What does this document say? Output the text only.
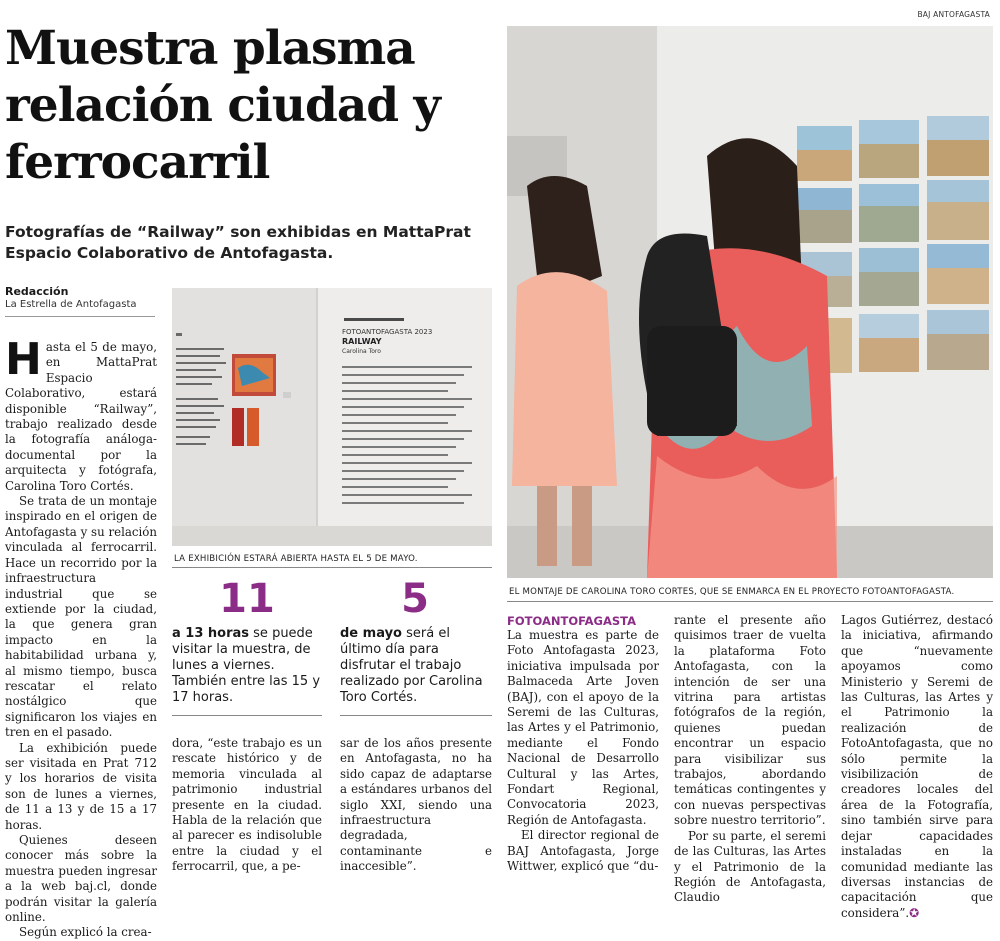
BAJ ANTOFAGASTA
Muestra plasma
relación ciudad y
ferrocarril
Fotografías de “Railway” son exhibidas en MattaPrat
Espacio Colaborativo de Antofagasta.
Redacción
La Estrella de Antofagasta

Hasta el 5 de mayo, en MattaPrat Espacio Colaborativo, estará disponible “Railway”, trabajo realizado desde la fotografía análoga-documental por la arquitecta y fotógrafa, Carolina Toro Cortés.

Se trata de un montaje inspirado en el origen de Antofagasta y su relación vinculada al ferrocarril. Hace un recorrido por la infraestructura industrial que se extiende por la ciudad, la que genera gran impacto en la habitabilidad urbana y, al mismo tiempo, busca rescatar el relato nostálgico que significaron los viajes en tren en el pasado.

La exhibición puede ser visitada en Prat 712 y los horarios de visita son de lunes a viernes, de 11 a 13 y de 15 a 17 horas.

Quienes deseen conocer más sobre la muestra pueden ingresar a la web baj.cl, donde podrán visitar la galería online.

Según explicó la crea-

FOTOANTOFAGASTA 2023
RAILWAY
Carolina Toro
LA EXHIBICIÓN ESTARÁ ABIERTA HASTA EL 5 DE MAYO.
11
a 13 horas se puede visitar la muestra, de lunes a viernes. También entre las 15 y 17 horas.
5
de mayo será el último día para disfrutar el trabajo realizado por Carolina Toro Cortés.

dora, “este trabajo es un rescate histórico y de memoria vinculada al patrimonio industrial presente en la ciudad. Habla de la relación que al parecer es indisoluble entre la ciudad y el ferrocarril, que, a pe-

sar de los años presente en Antofagasta, no ha sido capaz de adaptarse a estándares urbanos del siglo XXI, siendo una infraestructura degradada, contaminante e inaccesible”.

EL MONTAJE DE CAROLINA TORO CORTES, QUE SE ENMARCA EN EL PROYECTO FOTOANTOFAGASTA.
FOTOANTOFAGASTA

La muestra es parte de Foto Antofagasta 2023, iniciativa impulsada por Balmaceda Arte Joven (BAJ), con el apoyo de la Seremi de las Culturas, las Artes y el Patrimonio, mediante el Fondo Nacional de Desarrollo Cultural y las Artes, Fondart Regional, Convocatoria 2023, Región de Antofagasta.

El director regional de BAJ Antofagasta, Jorge Wittwer, explicó que “du-

rante el presente año quisimos traer de vuelta la plataforma Foto Antofagasta, con la intención de ser una vitrina para artistas fotógrafos de la región, quienes puedan encontrar un espacio para visibilizar sus trabajos, abordando temáticas contingentes y con nuevas perspectivas sobre nuestro territorio”.

Por su parte, el seremi de las Culturas, las Artes y el Patrimonio de la Región de Antofagasta, Claudio

Lagos Gutiérrez, destacó la iniciativa, afirmando que “nuevamente apoyamos como Ministerio y Seremi de las Culturas, las Artes y el Patrimonio la realización de FotoAntofagasta, que no sólo permite la visibilización de creadores locales del área de la Fotografía, sino también sirve para dejar capacidades instaladas en la comunidad mediante las diversas instancias de capacitación que considera”.✪
